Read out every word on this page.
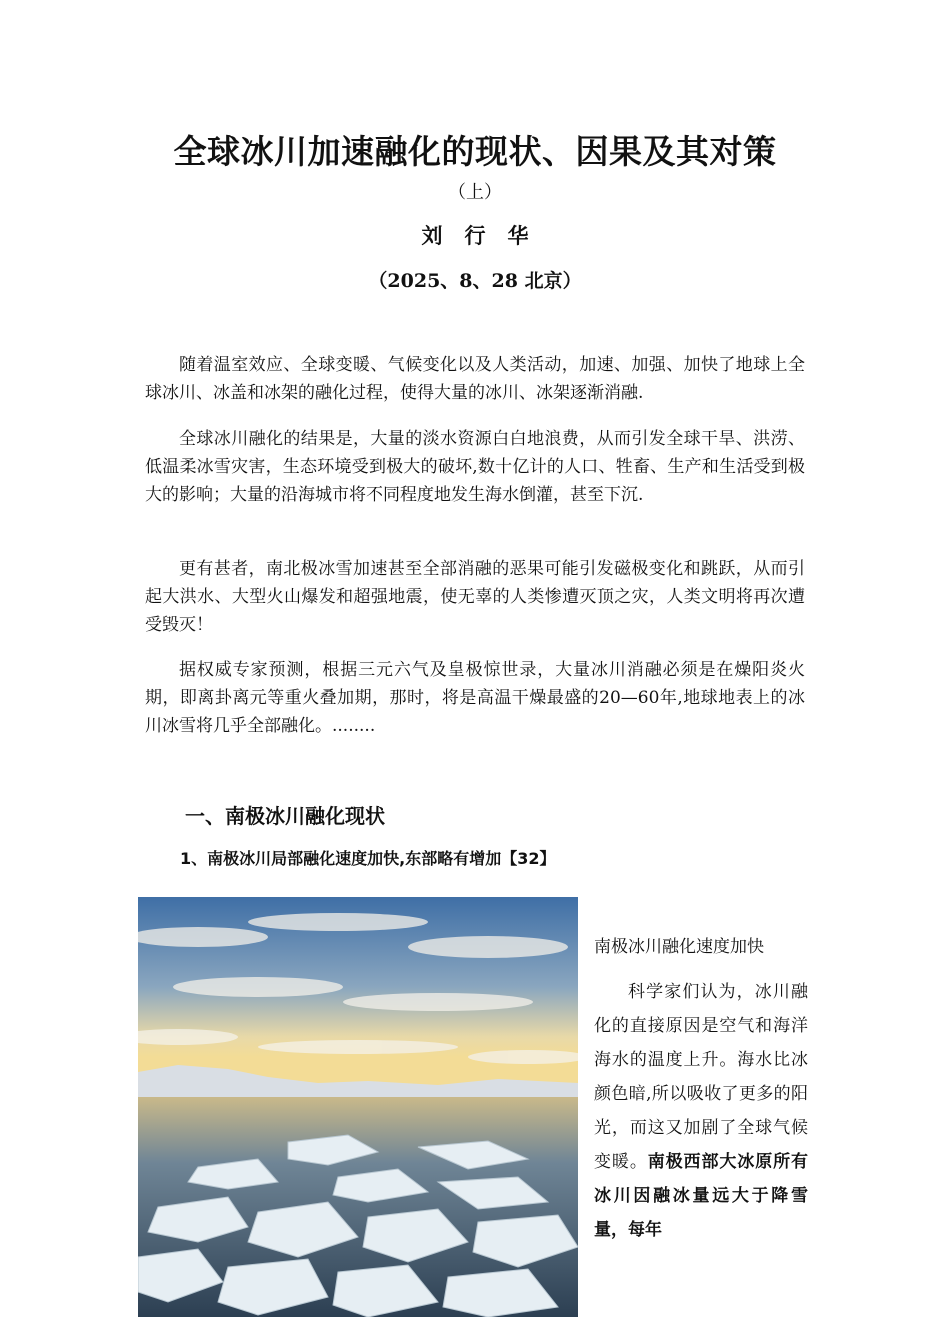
全球冰川加速融化的现状、因果及其对策
（上）
刘行华
（2025、8、28 北京）

随着温室效应、全球变暖、气候变化以及人类活动，加速、加强、加快了地球上全球冰川、冰盖和冰架的融化过程，使得大量的冰川、冰架逐渐消融.

全球冰川融化的结果是，大量的淡水资源白白地浪费，从而引发全球干旱、洪涝、低温柔冰雪灾害，生态环境受到极大的破坏,数十亿计的人口、牲畜、生产和生活受到极大的影响；大量的沿海城市将不同程度地发生海水倒灌，甚至下沉.

更有甚者，南北极冰雪加速甚至全部消融的恶果可能引发磁极变化和跳跃，从而引起大洪水、大型火山爆发和超强地震，使无辜的人类惨遭灭顶之灾，人类文明将再次遭受毁灭！

据权威专家预测，根据三元六气及皇极惊世录，大量冰川消融必须是在燥阳炎火期，即离卦离元等重火叠加期，那时，将是高温干燥最盛的20—60年,地球地表上的冰川冰雪将几乎全部融化。........

一、南极冰川融化现状
1、南极冰川局部融化速度加快,东部略有增加【32】
南极冰川融化速度加快

科学家们认为，冰川融化的直接原因是空气和海洋海水的温度上升。海水比冰颜色暗,所以吸收了更多的阳光，而这又加剧了全球气候变暖。南极西部大冰原所有冰川因融冰量远大于降雪量，每年
